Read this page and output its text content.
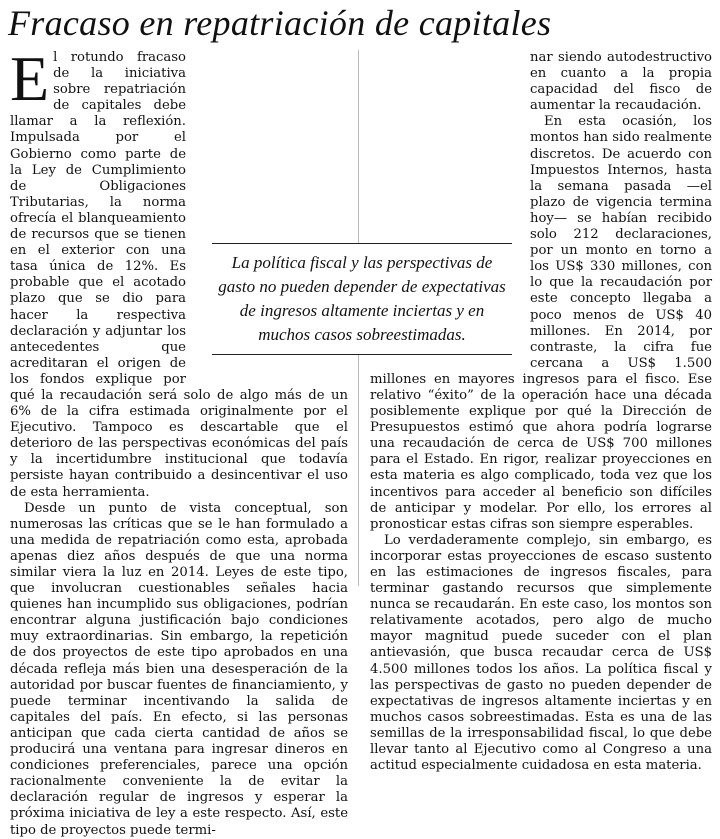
Fracaso en repatriación de capitales

El rotundo fracaso de la iniciativa sobre repatriación de capitales debe llamar a la reflexión. Impulsada por el Gobierno como parte de la Ley de Cumplimiento de Obligaciones Tributarias, la norma ofrecía el blanqueamiento de recursos que se tienen en el exterior con una tasa única de 12%. Es probable que el acotado plazo que se dio para hacer la respectiva declaración y adjuntar los antecedentes que acreditaran el origen de los fondos explique por qué la recaudación será solo de algo más de un 6% de la cifra estimada originalmente por el Ejecutivo. Tampoco es descartable que el deterioro de las perspectivas económicas del país y la incertidumbre institucional que todavía persiste hayan contribuido a desincentivar el uso de esta herramienta.

Desde un punto de vista conceptual, son numerosas las críticas que se le han formulado a una medida de repatriación como esta, aprobada apenas diez años después de que una norma similar viera la luz en 2014. Leyes de este tipo, que involucran cuestionables señales hacia quienes han incumplido sus obligaciones, podrían encontrar alguna justificación bajo condiciones muy extraordinarias. Sin embargo, la repetición de dos proyectos de este tipo aprobados en una década refleja más bien una desesperación de la autoridad por buscar fuentes de financiamiento, y puede terminar incentivando la salida de capitales del país. En efecto, si las personas anticipan que cada cierta cantidad de años se producirá una ventana para ingresar dineros en condiciones preferenciales, parece una opción racionalmente conveniente la de evitar la declaración regular de ingresos y esperar la próxima iniciativa de ley a este respecto. Así, este tipo de proyectos puede termi-

nar siendo autodestructivo en cuanto a la propia capacidad del fisco de aumentar la recaudación.

En esta ocasión, los montos han sido realmente discretos. De acuerdo con Impuestos Internos, hasta la semana pasada —el plazo de vigencia termina hoy— se habían recibido solo 212 declaraciones, por un monto en torno a los US$ 330 millones, con lo que la recaudación por este concepto llegaba a poco menos de US$ 40 millones. En 2014, por contraste, la cifra fue cercana a US$ 1.500 millones en mayores ingresos para el fisco. Ese relativo “éxito” de la operación hace una década posiblemente explique por qué la Dirección de Presupuestos estimó que ahora podría lograrse una recaudación de cerca de US$ 700 millones para el Estado. En rigor, realizar proyecciones en esta materia es algo complicado, toda vez que los incentivos para acceder al beneficio son difíciles de anticipar y modelar. Por ello, los errores al pronosticar estas cifras son siempre esperables.

Lo verdaderamente complejo, sin embargo, es incorporar estas proyecciones de escaso sustento en las estimaciones de ingresos fiscales, para terminar gastando recursos que simplemente nunca se recaudarán. En este caso, los montos son relativamente acotados, pero algo de mucho mayor magnitud puede suceder con el plan antievasión, que busca recaudar cerca de US$ 4.500 millones todos los años. La política fiscal y las perspectivas de gasto no pueden depender de expectativas de ingresos altamente inciertas y en muchos casos sobreestimadas. Esta es una de las semillas de la irresponsabilidad fiscal, lo que debe llevar tanto al Ejecutivo como al Congreso a una actitud especialmente cuidadosa en esta materia.

La política fiscal y las perspectivas de gasto no pueden depender de expectativas de ingresos altamente inciertas y en muchos casos sobreestimadas.
